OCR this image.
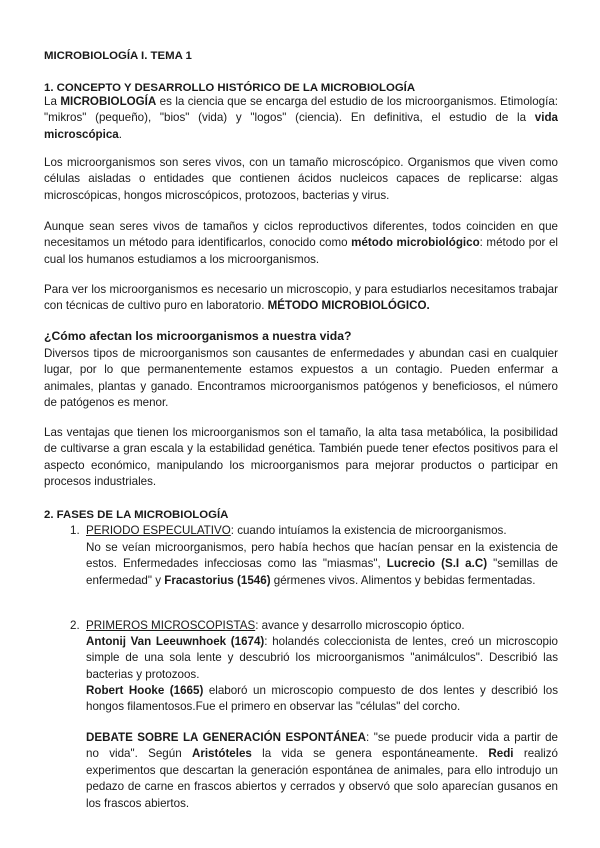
MICROBIOLOGÍA I. TEMA 1

1. CONCEPTO Y DESARROLLO HISTÓRICO DE LA MICROBIOLOGÍA

La MICROBIOLOGÍA es la ciencia que se encarga del estudio de los microorganismos. Etimología: "mikros" (pequeño), "bios" (vida) y "logos" (ciencia). En definitiva, el estudio de la vida microscópica.

Los microorganismos son seres vivos, con un tamaño microscópico. Organismos que viven como células aisladas o entidades que contienen ácidos nucleicos capaces de replicarse: algas microscópicas, hongos microscópicos, protozoos, bacterias y virus.

Aunque sean seres vivos de tamaños y ciclos reproductivos diferentes, todos coinciden en que necesitamos un método para identificarlos, conocido como método microbiológico: método por el cual los humanos estudiamos a los microorganismos.

Para ver los microorganismos es necesario un microscopio, y para estudiarlos necesitamos trabajar con técnicas de cultivo puro en laboratorio. MÉTODO MICROBIOLÓGICO.

¿Cómo afectan los microorganismos a nuestra vida?

Diversos tipos de microorganismos son causantes de enfermedades y abundan casi en cualquier lugar, por lo que permanentemente estamos expuestos a un contagio. Pueden enfermar a animales, plantas y ganado. Encontramos microorganismos patógenos y beneficiosos, el número de patógenos es menor.

Las ventajas que tienen los microorganismos son el tamaño, la alta tasa metabólica, la posibilidad de cultivarse a gran escala y la estabilidad genética. También puede tener efectos positivos para el aspecto económico, manipulando los microorganismos para mejorar productos o participar en procesos industriales.

2. FASES DE LA MICROBIOLOGÍA

1. PERIODO ESPECULATIVO: cuando intuíamos la existencia de microorganismos.

No se veían microorganismos, pero había hechos que hacían pensar en la existencia de estos. Enfermedades infecciosas como las "miasmas", Lucrecio (S.I a.C) "semillas de enfermedad" y Fracastorius (1546) gérmenes vivos. Alimentos y bebidas fermentadas.

2. PRIMEROS MICROSCOPISTAS: avance y desarrollo microscopio óptico.

Antonij Van Leeuwnhoek (1674): holandés coleccionista de lentes, creó un microscopio simple de una sola lente y descubrió los microorganismos "animálculos". Describió las bacterias y protozoos.

Robert Hooke (1665) elaboró un microscopio compuesto de dos lentes y describió los hongos filamentosos.Fue el primero en observar las "células" del corcho.

DEBATE SOBRE LA GENERACIÓN ESPONTÁNEA: "se puede producir vida a partir de no vida". Según Aristóteles la vida se genera espontáneamente. Redi realizó experimentos que descartan la generación espontánea de animales, para ello introdujo un pedazo de carne en frascos abiertos y cerrados y observó que solo aparecían gusanos en los frascos abiertos.
